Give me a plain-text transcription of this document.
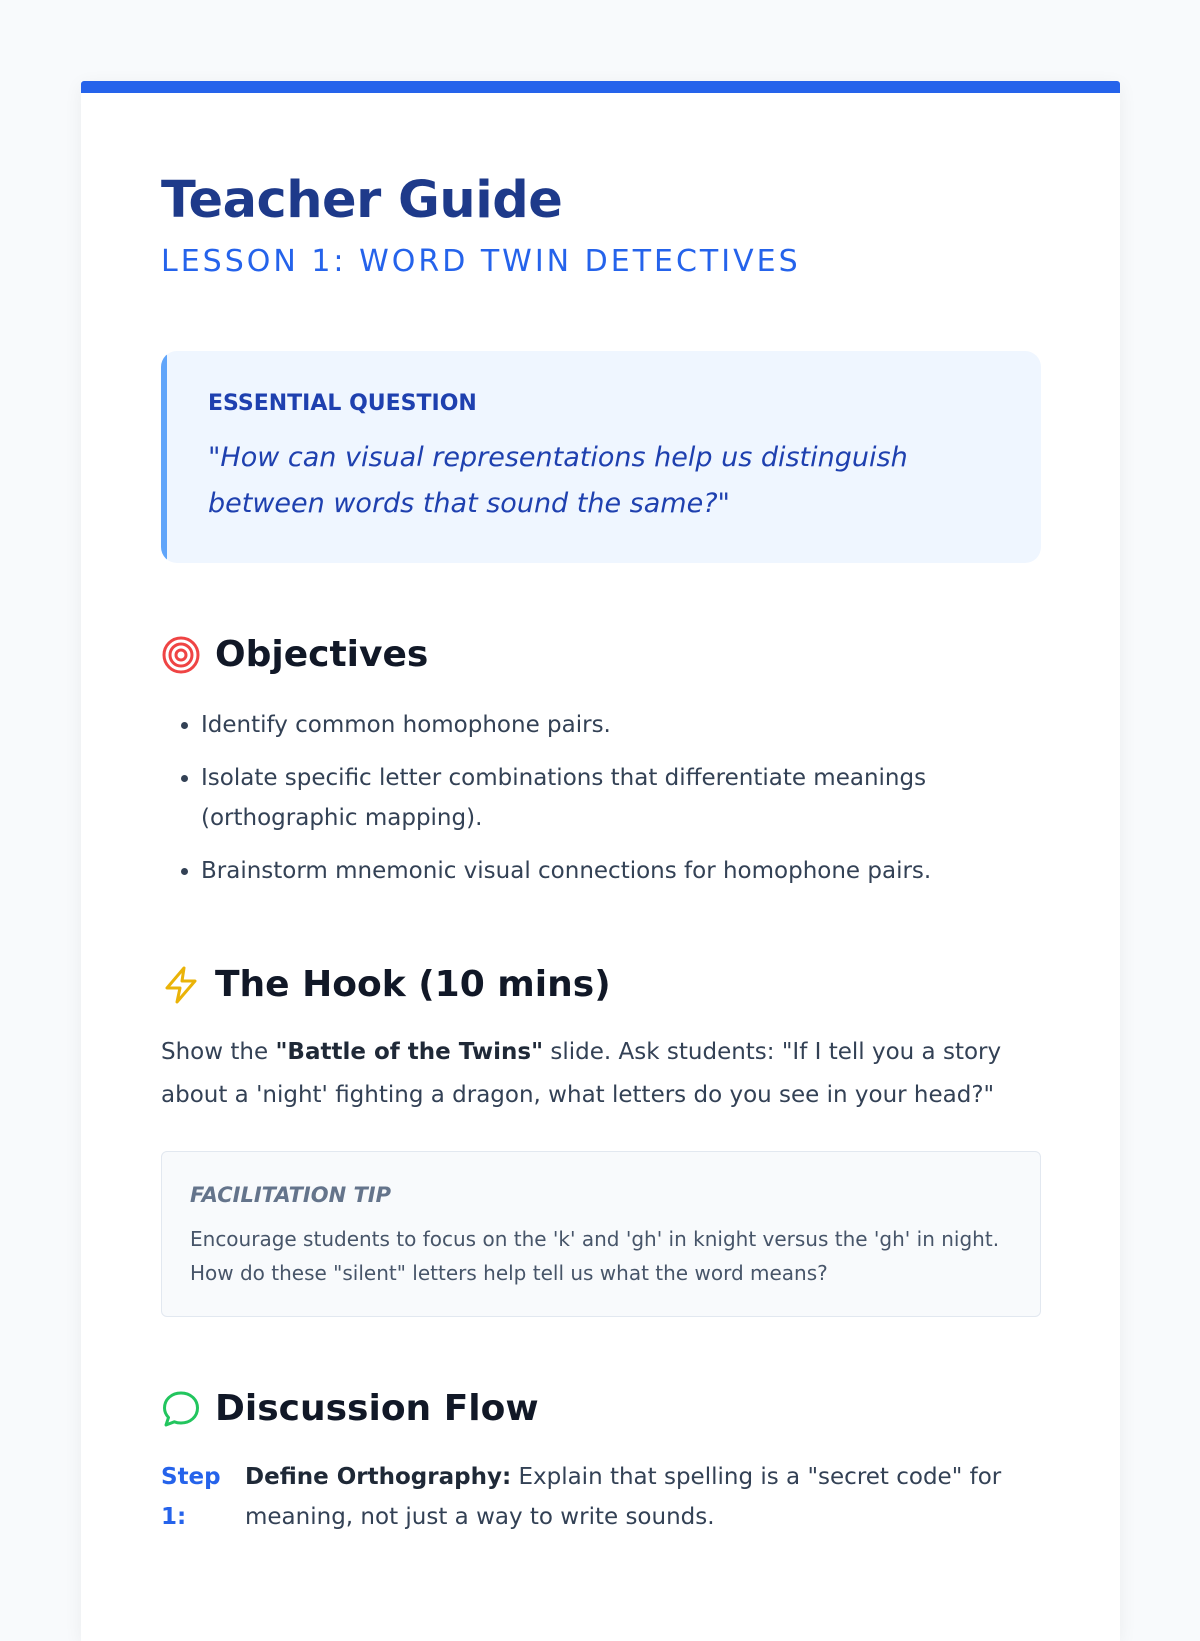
Teacher Guide
LESSON 1: WORD TWIN DETECTIVES
ESSENTIAL QUESTION
"How can visual representations help us distinguish between words that sound the same?"
Objectives
• Identify common homophone pairs.
• Isolate specific letter combinations that differentiate meanings (orthographic mapping).
• Brainstorm mnemonic visual connections for homophone pairs.
The Hook (10 mins)

Show the "Battle of the Twins" slide. Ask students: "If I tell you a story about a 'night' fighting a dragon, what letters do you see in your head?"

FACILITATION TIP
Encourage students to focus on the 'k' and 'gh' in knight versus the 'gh' in night. How do these "silent" letters help tell us what the word means?
Discussion Flow
Step 1:
Define Orthography: Explain that spelling is a "secret code" for meaning, not just a way to write sounds.
